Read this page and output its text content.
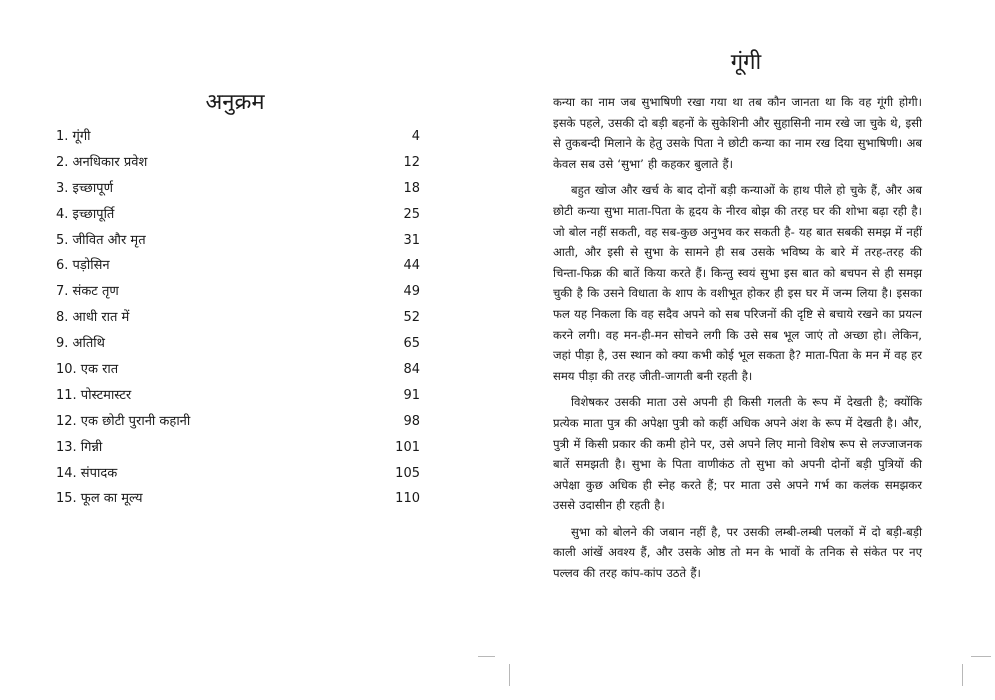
अनुक्रम
1. गूंगी	4
2. अनधिकार प्रवेश	12
3. इच्छापूर्ण	18
4. इच्छापूर्ति	25
5. जीवित और मृत	31
6. पड़ोसिन	44
7. संकट तृण	49
8. आधी रात में	52
9. अतिथि	65
10. एक रात	84
11. पोस्टमास्टर	91
12. एक छोटी पुरानी कहानी	98
13. गिन्नी	101
14. संपादक	105
15. फूल का मूल्य	110
गूंगी

कन्या का नाम जब सुभाषिणी रखा गया था तब कौन जानता था कि वह गूंगी होगी। इसके पहले, उसकी दो बड़ी बहनों के सुकेशिनी और सुहासिनी नाम रखे जा चुके थे, इसी से तुकबन्दी मिलाने के हेतु उसके पिता ने छोटी कन्या का नाम रख दिया सुभाषिणी। अब केवल सब उसे ‘सुभा’ ही कहकर बुलाते हैं।

बहुत खोज और खर्च के बाद दोनों बड़ी कन्याओं के हाथ पीले हो चुके हैं, और अब छोटी कन्या सुभा माता-पिता के हृदय के नीरव बोझ की तरह घर की शोभा बढ़ा रही है। जो बोल नहीं सकती, वह सब-कुछ अनुभव कर सकती है- यह बात सबकी समझ में नहीं आती, और इसी से सुभा के सामने ही सब उसके भविष्य के बारे में तरह-तरह की चिन्ता-फिक्र की बातें किया करते हैं। किन्तु स्वयं सुभा इस बात को बचपन से ही समझ चुकी है कि उसने विधाता के शाप के वशीभूत होकर ही इस घर में जन्म लिया है। इसका फल यह निकला कि वह सदैव अपने को सब परिजनों की दृष्टि से बचाये रखने का प्रयत्न करने लगी। वह मन-ही-मन सोचने लगी कि उसे सब भूल जाएं तो अच्छा हो। लेकिन, जहां पीड़ा है, उस स्थान को क्या कभी कोई भूल सकता है? माता-पिता के मन में वह हर समय पीड़ा की तरह जीती-जागती बनी रहती है।

विशेषकर उसकी माता उसे अपनी ही किसी गलती के रूप में देखती है; क्योंकि प्रत्येक माता पुत्र की अपेक्षा पुत्री को कहीं अधिक अपने अंश के रूप में देखती है। और, पुत्री में किसी प्रकार की कमी होने पर, उसे अपने लिए मानो विशेष रूप से लज्जाजनक बातें समझती है। सुभा के पिता वाणीकंठ तो सुभा को अपनी दोनों बड़ी पुत्रियों की अपेक्षा कुछ अधिक ही स्नेह करते हैं; पर माता उसे अपने गर्भ का कलंक समझकर उससे उदासीन ही रहती है।

सुभा को बोलने की जबान नहीं है, पर उसकी लम्बी-लम्बी पलकों में दो बड़ी-बड़ी काली आंखें अवश्य हैं, और उसके ओष्ठ तो मन के भावों के तनिक से संकेत पर नए पल्लव की तरह कांप-कांप उठते हैं।
